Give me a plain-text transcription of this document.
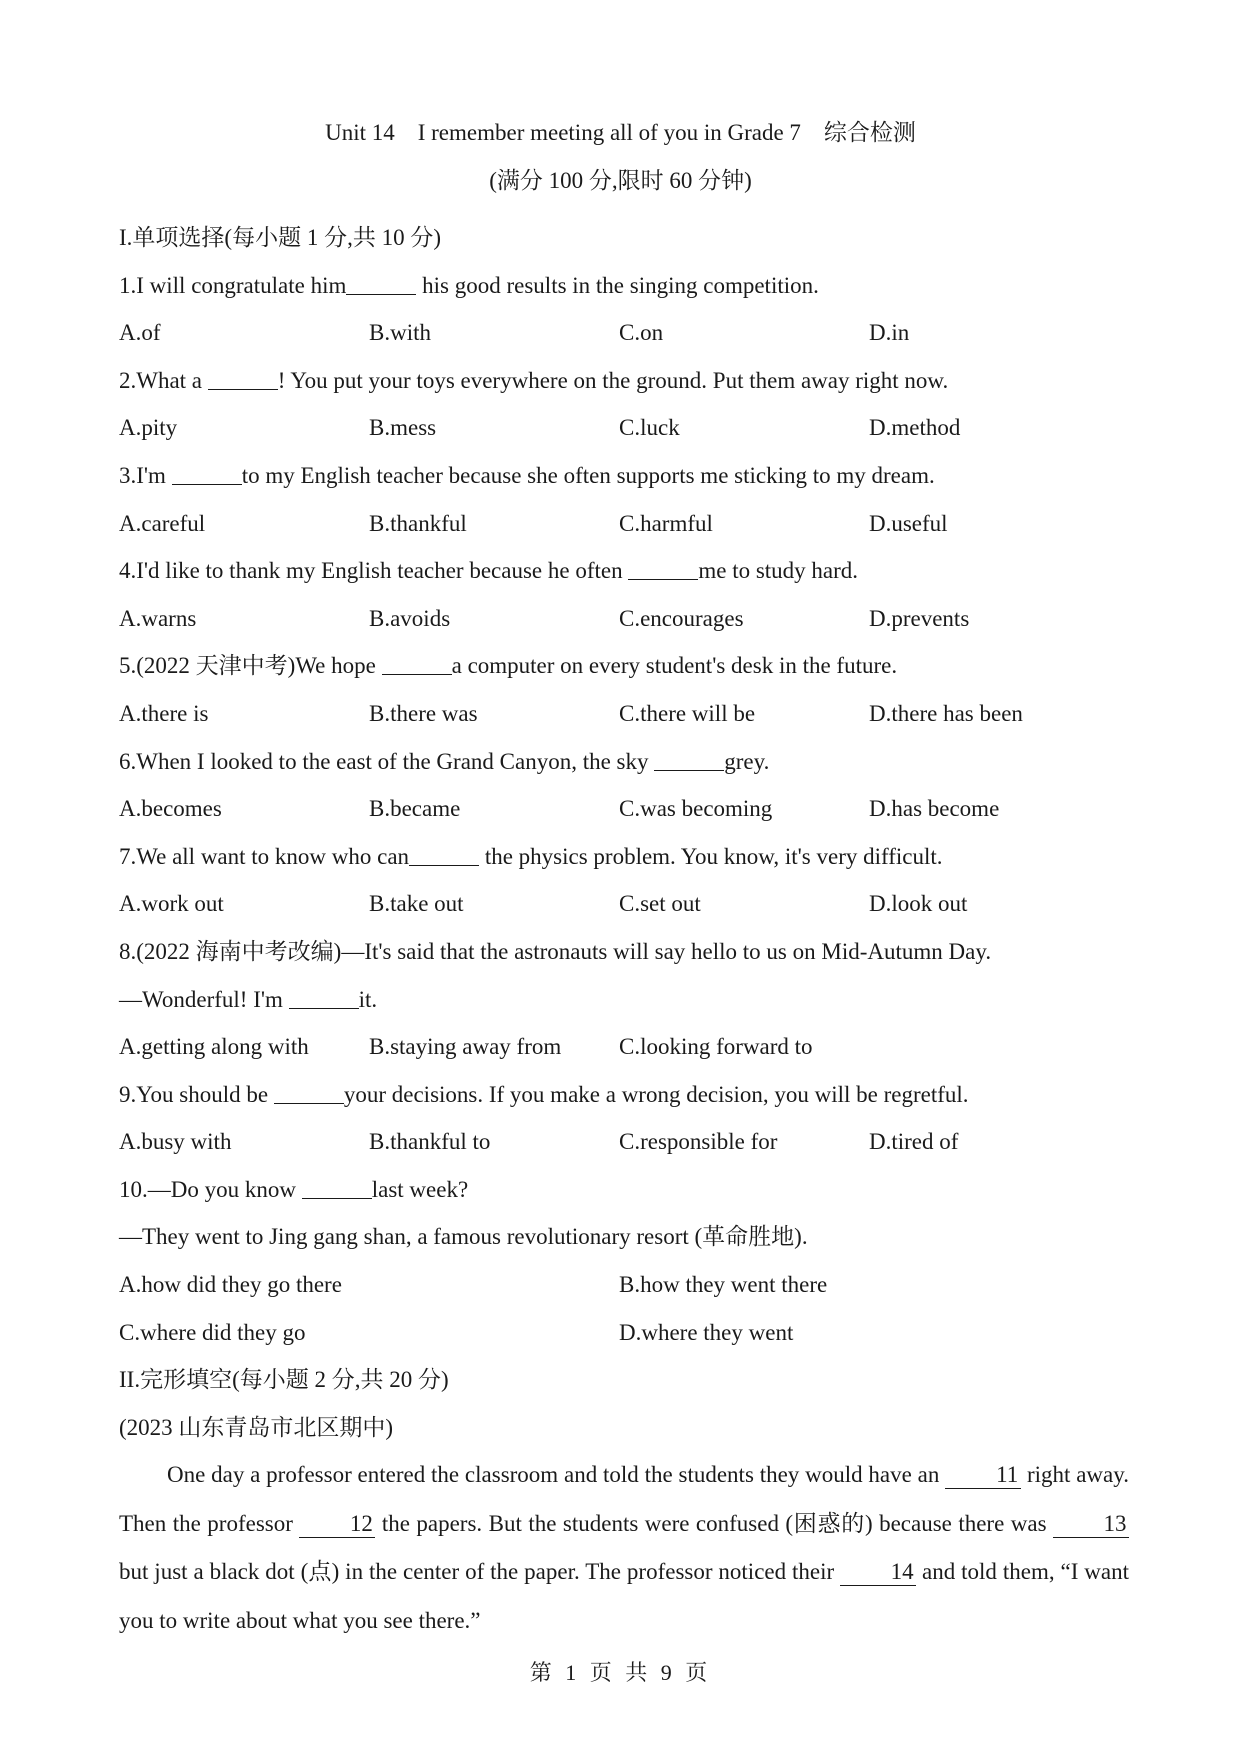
Unit 14　I remember meeting all of you in Grade 7　综合检测
(满分 100 分,限时 60 分钟)
I.单项选择(每小题 1 分,共 10 分)
1.I will congratulate him	his good results in the singing competition.
A.of	B.with	C.on	D.in
2.What a	! You put your toys everywhere on the ground. Put them away right now.
A.pity	B.mess	C.luck	D.method
3.I'm	to my English teacher because she often supports me sticking to my dream.
A.careful	B.thankful	C.harmful	D.useful
4.I'd like to thank my English teacher because he often	me to study hard.
A.warns	B.avoids	C.encourages	D.prevents
5.(2022 天津中考)We hope	a computer on every student's desk in the future.
A.there is	B.there was	C.there will be	D.there has been
6.When I looked to the east of the Grand Canyon, the sky	grey.
A.becomes	B.became	C.was becoming	D.has become
7.We all want to know who can	the physics problem. You know, it's very difficult.
A.work out	B.take out	C.set out	D.look out
8.(2022 海南中考改编)—It's said that the astronauts will say hello to us on Mid-Autumn Day.
—Wonderful! I'm	it.
A.getting along with	B.staying away from	C.looking forward to
9.You should be	your decisions. If you make a wrong decision, you will be regretful.
A.busy with	B.thankful to	C.responsible for	D.tired of
10.—Do you know	last week?
—They went to Jing gang shan, a famous revolutionary resort (革命胜地).
A.how did they go there	B.how they went there
C.where did they go	D.where they went
II.完形填空(每小题 2 分,共 20 分)
(2023 山东青岛市北区期中)

One day a professor entered the classroom and told the students they would have an 11 right away. Then the professor 12 the papers. But the students were confused (困惑的) because there was 13 but just a black dot (点) in the center of the paper. The professor noticed their 14 and told them, “I want you to write about what you see there.”

第 1 页 共 9 页
